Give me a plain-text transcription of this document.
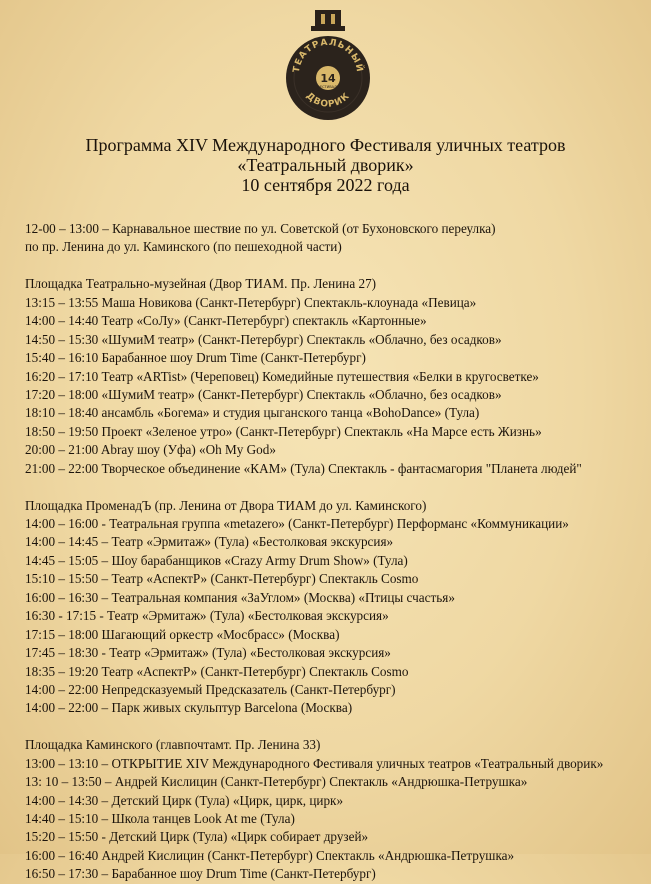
ТЕАТРАЛЬНЫЙ
14
ФЕСТИВАЛЬ
ДВОРИК
Программа XIV Международного Фестиваля уличных театров
«Театральный дворик»
10 сентября 2022 года
12-00 – 13:00 – Карнавальное шествие по ул. Советской (от Бухоновского переулка)
по пр. Ленина до ул. Каминского (по пешеходной части)
Площадка Театрально-музейная (Двор ТИАМ. Пр. Ленина 27)
13:15 – 13:55 Маша Новикова (Санкт-Петербург) Спектакль-клоунада «Певица»
14:00 – 14:40 Театр «СоЛу» (Санкт-Петербург) спектакль «Картонные»
14:50 – 15:30 «ШумиМ театр» (Санкт-Петербург) Спектакль «Облачно, без осадков»
15:40 – 16:10 Барабанное шоу Drum Time (Санкт-Петербург)
16:20 – 17:10 Театр «ARTist» (Череповец) Комедийные путешествия «Белки в кругосветке»
17:20 – 18:00 «ШумиМ театр» (Санкт-Петербург) Спектакль «Облачно, без осадков»
18:10 – 18:40 ансамбль «Богема» и студия цыганского танца «BohoDance» (Тула)
18:50 – 19:50 Проект «Зеленое утро» (Санкт-Петербург) Спектакль «На Марсе есть Жизнь»
20:00 – 21:00 Abray шоу (Уфа) «Oh My God»
21:00 – 22:00 Творческое объединение «КАМ» (Тула) Спектакль - фантасмагория "Планета людей"
Площадка ПроменадЪ (пр. Ленина от Двора ТИАМ до ул. Каминского)
14:00 – 16:00 - Театральная группа «metazero» (Санкт-Петербург) Перформанс «Коммуникации»
14:00 – 14:45 – Театр «Эрмитаж» (Тула) «Бестолковая экскурсия»
14:45 – 15:05 – Шоу барабанщиков «Crazy Army Drum Show» (Тула)
15:10 – 15:50 – Театр «АспектР» (Санкт-Петербург) Спектакль Cosmo
16:00 – 16:30 – Театральная компания «ЗаУглом» (Москва) «Птицы счастья»
16:30 - 17:15 - Театр «Эрмитаж» (Тула) «Бестолковая экскурсия»
17:15 – 18:00 Шагающий оркестр «Мосбрасс» (Москва)
17:45 – 18:30 - Театр «Эрмитаж» (Тула) «Бестолковая экскурсия»
18:35 – 19:20 Театр «АспектР» (Санкт-Петербург) Спектакль Cosmo
14:00 – 22:00 Непредсказуемый Предсказатель (Санкт-Петербург)
14:00 – 22:00 – Парк живых скульптур Barcelona (Москва)
Площадка Каминского (главпочтамт. Пр. Ленина 33)
13:00 – 13:10 – ОТКРЫТИЕ XIV Международного Фестиваля уличных театров «Театральный дворик»
13: 10 – 13:50 – Андрей Кислицин (Санкт-Петербург) Спектакль «Андрюшка-Петрушка»
14:00 – 14:30 – Детский Цирк (Тула) «Цирк, цирк, цирк»
14:40 – 15:10 – Школа танцев Look At me (Тула)
15:20 – 15:50 - Детский Цирк (Тула) «Цирк собирает друзей»
16:00 – 16:40 Андрей Кислицин (Санкт-Петербург) Спектакль «Андрюшка-Петрушка»
16:50 – 17:30 – Барабанное шоу Drum Time (Санкт-Петербург)
